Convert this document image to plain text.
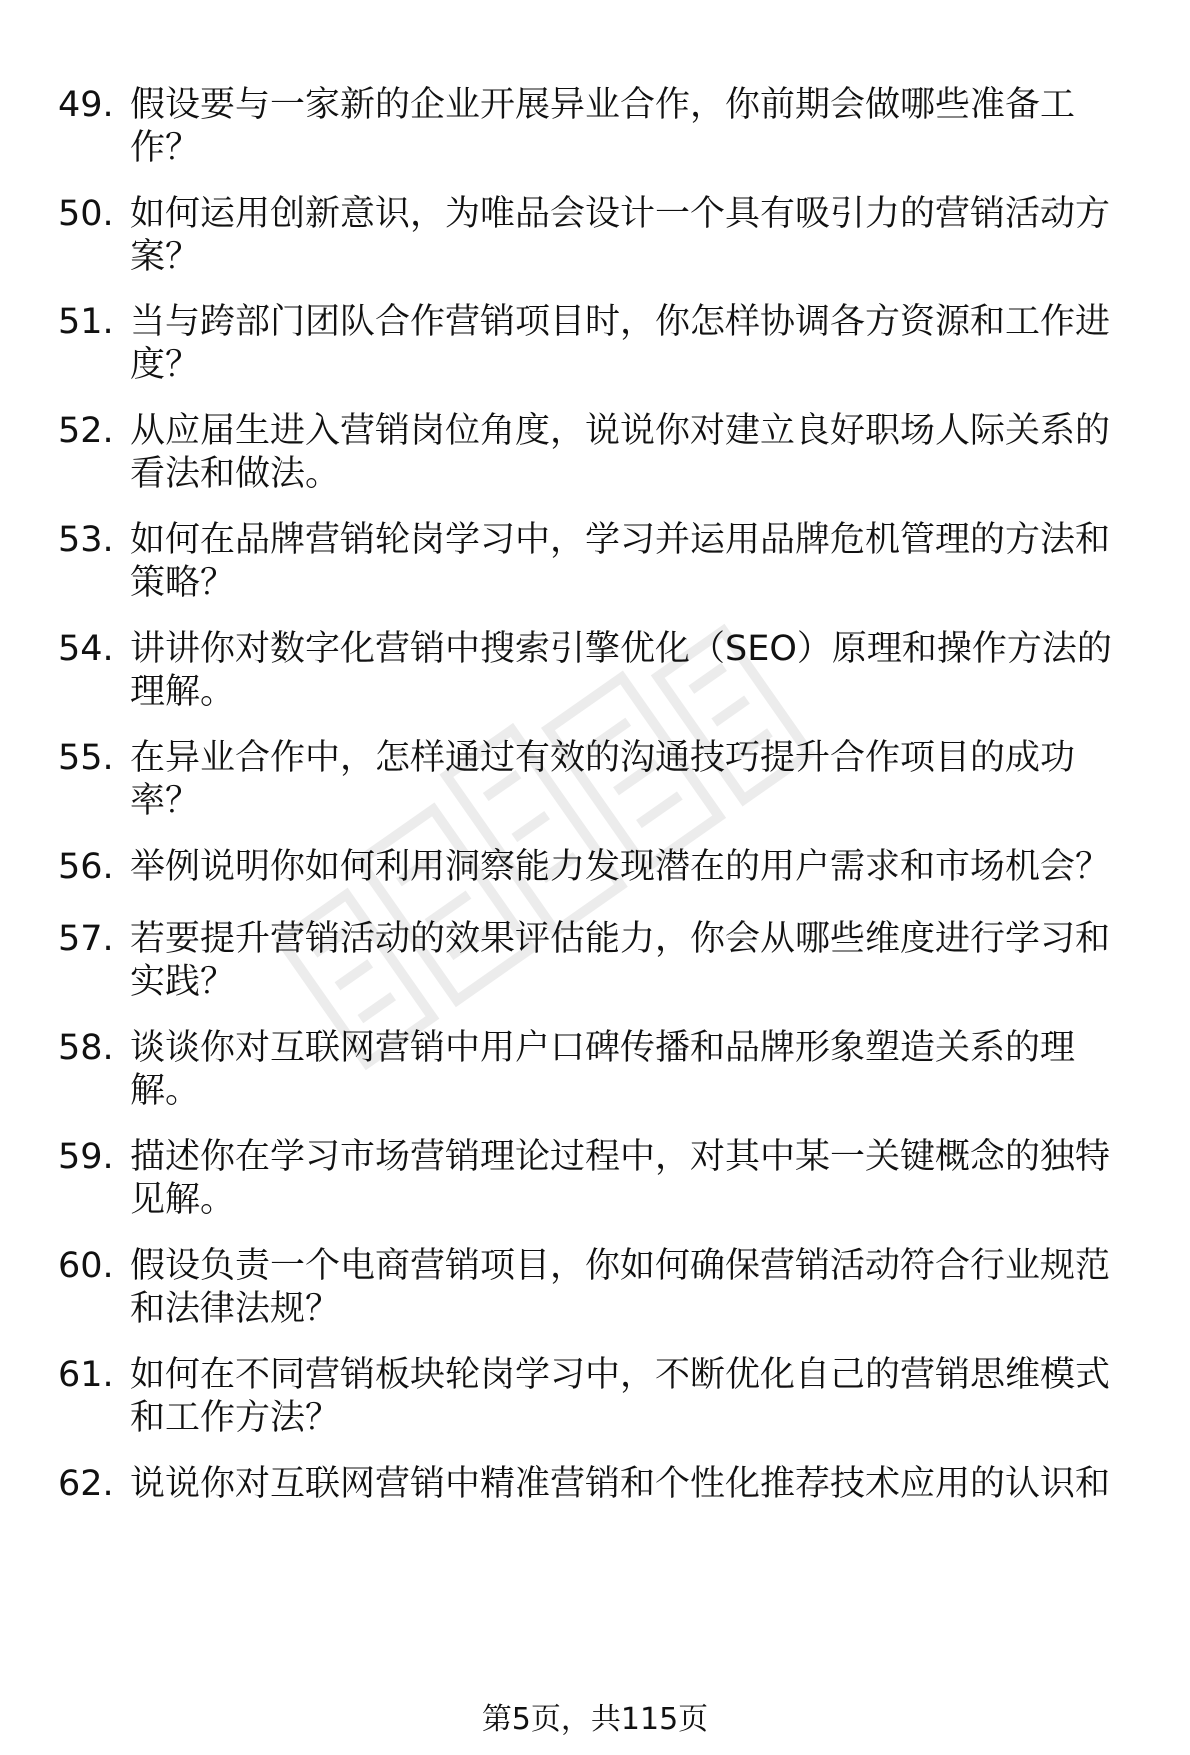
49. 假设要与一家新的企业开展异业合作，你前期会做哪些准备工作？
50. 如何运用创新意识，为唯品会设计一个具有吸引力的营销活动方案？
51. 当与跨部门团队合作营销项目时，你怎样协调各方资源和工作进度？
52. 从应届生进入营销岗位角度，说说你对建立良好职场人际关系的看法和做法。
53. 如何在品牌营销轮岗学习中，学习并运用品牌危机管理的方法和策略？
54. 讲讲你对数字化营销中搜索引擎优化（SEO）原理和操作方法的理解。
55. 在异业合作中，怎样通过有效的沟通技巧提升合作项目的成功率？
56. 举例说明你如何利用洞察能力发现潜在的用户需求和市场机会？
57. 若要提升营销活动的效果评估能力，你会从哪些维度进行学习和实践？
58. 谈谈你对互联网营销中用户口碑传播和品牌形象塑造关系的理解。
59. 描述你在学习市场营销理论过程中，对其中某一关键概念的独特见解。
60. 假设负责一个电商营销项目，你如何确保营销活动符合行业规范和法律法规？
61. 如何在不同营销板块轮岗学习中，不断优化自己的营销思维模式和工作方法？
62. 说说你对互联网营销中精准营销和个性化推荐技术应用的认识和
第5页，共115页
